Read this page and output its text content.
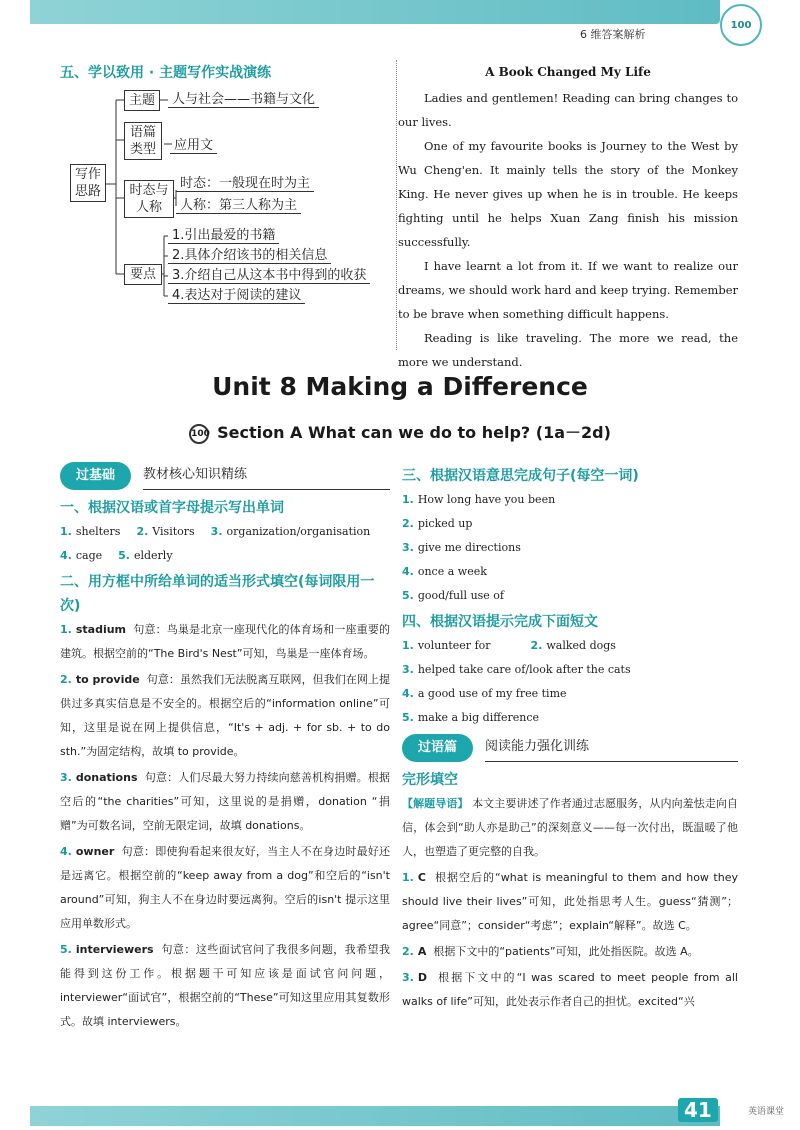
6 维答案解析
100
五、学以致用 · 主题写作实战演练
写作思路
主题	人与社会——书籍与文化
语篇类型	应用文
时态与人称
时态：一般现在时为主
人称：第三人称为主
要点
1.引出最爱的书籍
2.具体介绍该书的相关信息
3.介绍自己从这本书中得到的收获
4.表达对于阅读的建议
A Book Changed My Life

Ladies and gentlemen! Reading can bring changes to our lives.

One of my favourite books is Journey to the West by Wu Cheng'en. It mainly tells the story of the Monkey King. He never gives up when he is in trouble. He keeps fighting until he helps Xuan Zang finish his mission successfully.

I have learnt a lot from it. If we want to realize our dreams, we should work hard and keep trying. Remember to be brave when something difficult happens.

Reading is like traveling. The more we read, the more we understand.

Unit 8 Making a Difference
100 Section A What can we do to help? (1a－2d)
过基础	教材核心知识精练
一、根据汉语或首字母提示写出单词
1. shelters 2. Visitors 3. organization/organisation
4. cage 5. elderly
二、用方框中所给单词的适当形式填空(每词限用一次)
1. stadium 句意：鸟巢是北京一座现代化的体育场和一座重要的建筑。根据空前的“The Bird's Nest”可知，鸟巢是一座体育场。
2. to provide 句意：虽然我们无法脱离互联网，但我们在网上提供过多真实信息是不安全的。根据空后的“information online”可知，这里是说在网上提供信息，“It's + adj. + for sb. + to do sth.”为固定结构，故填 to provide。
3. donations 句意：人们尽最大努力持续向慈善机构捐赠。根据空后的“the charities”可知，这里说的是捐赠，donation “捐赠”为可数名词，空前无限定词，故填 donations。
4. owner 句意：即使狗看起来很友好，当主人不在身边时最好还是远离它。根据空前的“keep away from a dog”和空后的“isn't around”可知，狗主人不在身边时要远离狗。空后的isn't 提示这里应用单数形式。
5. interviewers 句意：这些面试官问了我很多问题，我希望我能得到这份工作。根据题干可知应该是面试官问问题，interviewer“面试官”，根据空前的“These”可知这里应用其复数形式。故填 interviewers。
三、根据汉语意思完成句子(每空一词)
1. How long have you been
2. picked up
3. give me directions
4. once a week
5. good/full use of
四、根据汉语提示完成下面短文
1. volunteer for	2. walked dogs
3. helped take care of/look after the cats
4. a good use of my free time
5. make a big difference
过语篇	阅读能力强化训练
完形填空
【解题导语】 本文主要讲述了作者通过志愿服务，从内向羞怯走向自信，体会到“助人亦是助己”的深刻意义——每一次付出，既温暖了他人，也塑造了更完整的自我。
1. C 根据空后的“what is meaningful to them and how they should live their lives”可知，此处指思考人生。guess“猜测”；agree“同意”；consider“考虑”；explain“解释”。故选 C。
2. A 根据下文中的“patients”可知，此处指医院。故选 A。
3. D 根据下文中的“I was scared to meet people from all walks of life”可知，此处表示作者自己的担忧。excited“兴
41	英语课堂
